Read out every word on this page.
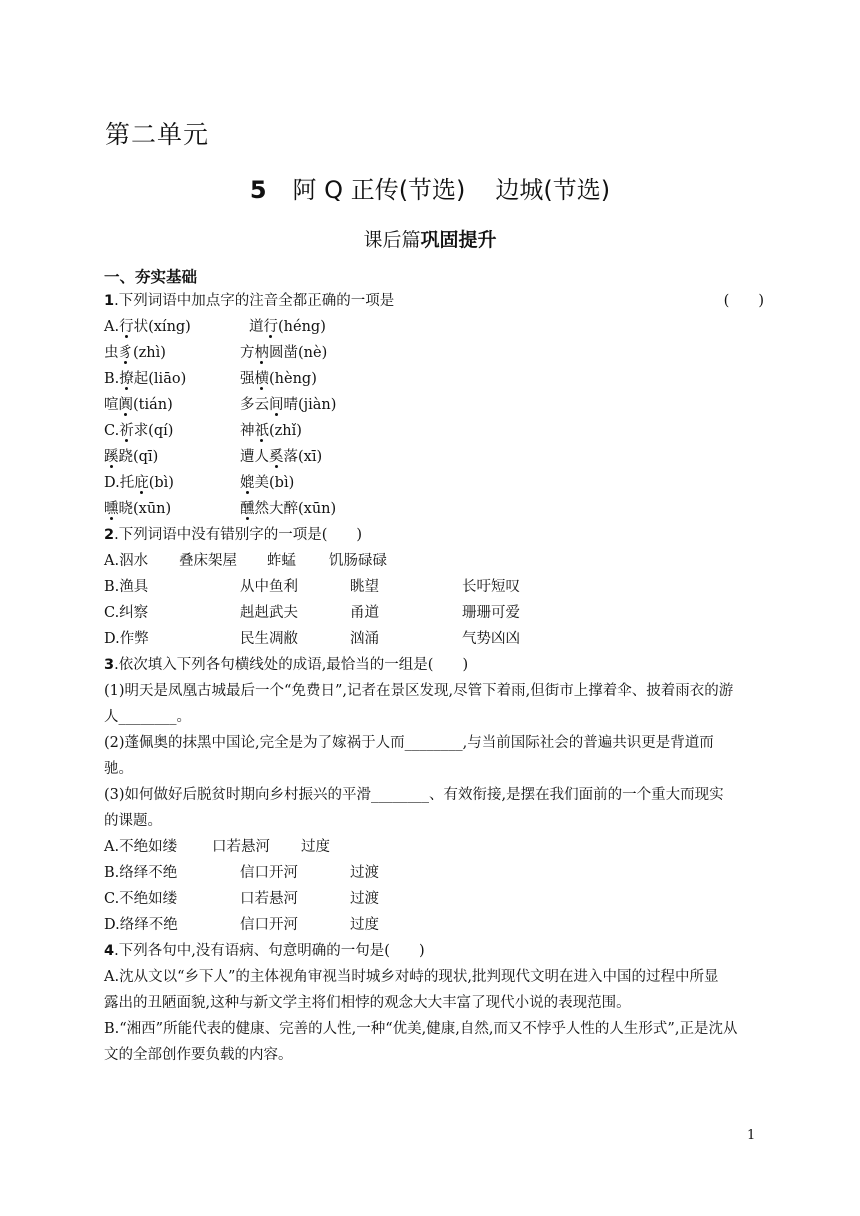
第二单元
5 阿 Q 正传(节选) 边城(节选)
课后篇巩固提升
一、夯实基础
1.下列词语中加点字的注音全都正确的一项是	(　　)
A.行状(xíng)	道行(héng)
虫豸(zhì)	方枘圆凿(nè)
B.撩起(liāo)	强横(hèng)
喧阗(tián)	多云间晴(jiàn)
C.祈求(qí)	神祇(zhǐ)
蹊跷(qī)	遭人奚落(xī)
D.托庇(bì)	媲美(bì)
曛晓(xūn)	醺然大醉(xūn)
2.下列词语中没有错别字的一项是(　　)
A.泅水 叠床架屋 蚱蜢 饥肠碌碌
B.渔具	从中鱼利	眺望	长吁短叹
C.纠察	赳赳武夫	甬道	珊珊可爱
D.作弊	民生凋敝	汹涌	气势凶凶
3.依次填入下列各句横线处的成语,最恰当的一组是(　　)
(1)明天是凤凰古城最后一个“免费日”,记者在景区发现,尽管下着雨,但街市上撑着伞、披着雨衣的游
人________。
(2)蓬佩奥的抹黑中国论,完全是为了嫁祸于人而________,与当前国际社会的普遍共识更是背道而
驰。
(3)如何做好后脱贫时期向乡村振兴的平滑________、有效衔接,是摆在我们面前的一个重大而现实
的课题。
A.不绝如缕 口若悬河 过度
B.络绎不绝	信口开河	过渡
C.不绝如缕	口若悬河	过渡
D.络绎不绝	信口开河	过度
4.下列各句中,没有语病、句意明确的一句是(　　)
A.沈从文以“乡下人”的主体视角审视当时城乡对峙的现状,批判现代文明在进入中国的过程中所显
露出的丑陋面貌,这种与新文学主将们相悖的观念大大丰富了现代小说的表现范围。
B.“湘西”所能代表的健康、完善的人性,一种“优美,健康,自然,而又不悖乎人性的人生形式”,正是沈从
文的全部创作要负载的内容。
1
